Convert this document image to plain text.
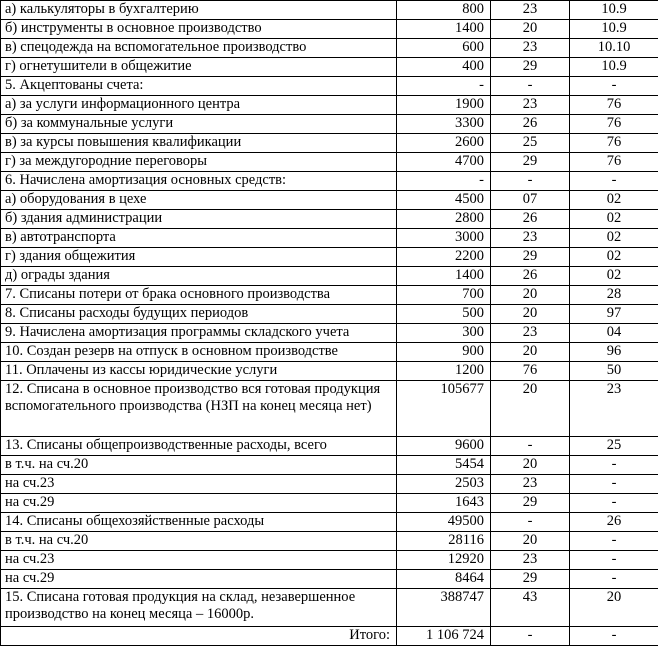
а) калькуляторы в бухгалтерию	800	23	10.9
б) инструменты в основное производство	1400	20	10.9
в) спецодежда на вспомогательное производство	600	23	10.10
г) огнетушители в общежитие	400	29	10.9
5. Акцептованы счета:	-	-	-
а) за услуги информационного центра	1900	23	76
б) за коммунальные услуги	3300	26	76
в) за курсы повышения квалификации	2600	25	76
г) за междугородние переговоры	4700	29	76
6. Начислена амортизация основных средств:	-	-	-
а) оборудования в цехе	4500	07	02
б) здания администрации	2800	26	02
в) автотранспорта	3000	23	02
г) здания общежития	2200	29	02
д) ограды здания	1400	26	02
7. Списаны потери от брака основного производства	700	20	28
8. Списаны расходы будущих периодов	500	20	97
9. Начислена амортизация программы складского учета	300	23	04
10. Создан резерв на отпуск в основном производстве	900	20	96
11. Оплачены из кассы юридические услуги	1200	76	50
12. Списана в основное производство вся готовая продукция вспомогательного производства (НЗП на конец месяца нет)	105677	20	23
13. Списаны общепроизводственные расходы, всего	9600	-	25
в т.ч. на сч.20	5454	20	-
на сч.23	2503	23	-
на сч.29	1643	29	-
14. Списаны общехозяйственные расходы	49500	-	26
в т.ч. на сч.20	28116	20	-
на сч.23	12920	23	-
на сч.29	8464	29	-
15. Списана готовая продукция на склад, незавершенное производство на конец месяца – 16000р.	388747	43	20
Итого:	1 106 724	-	-
